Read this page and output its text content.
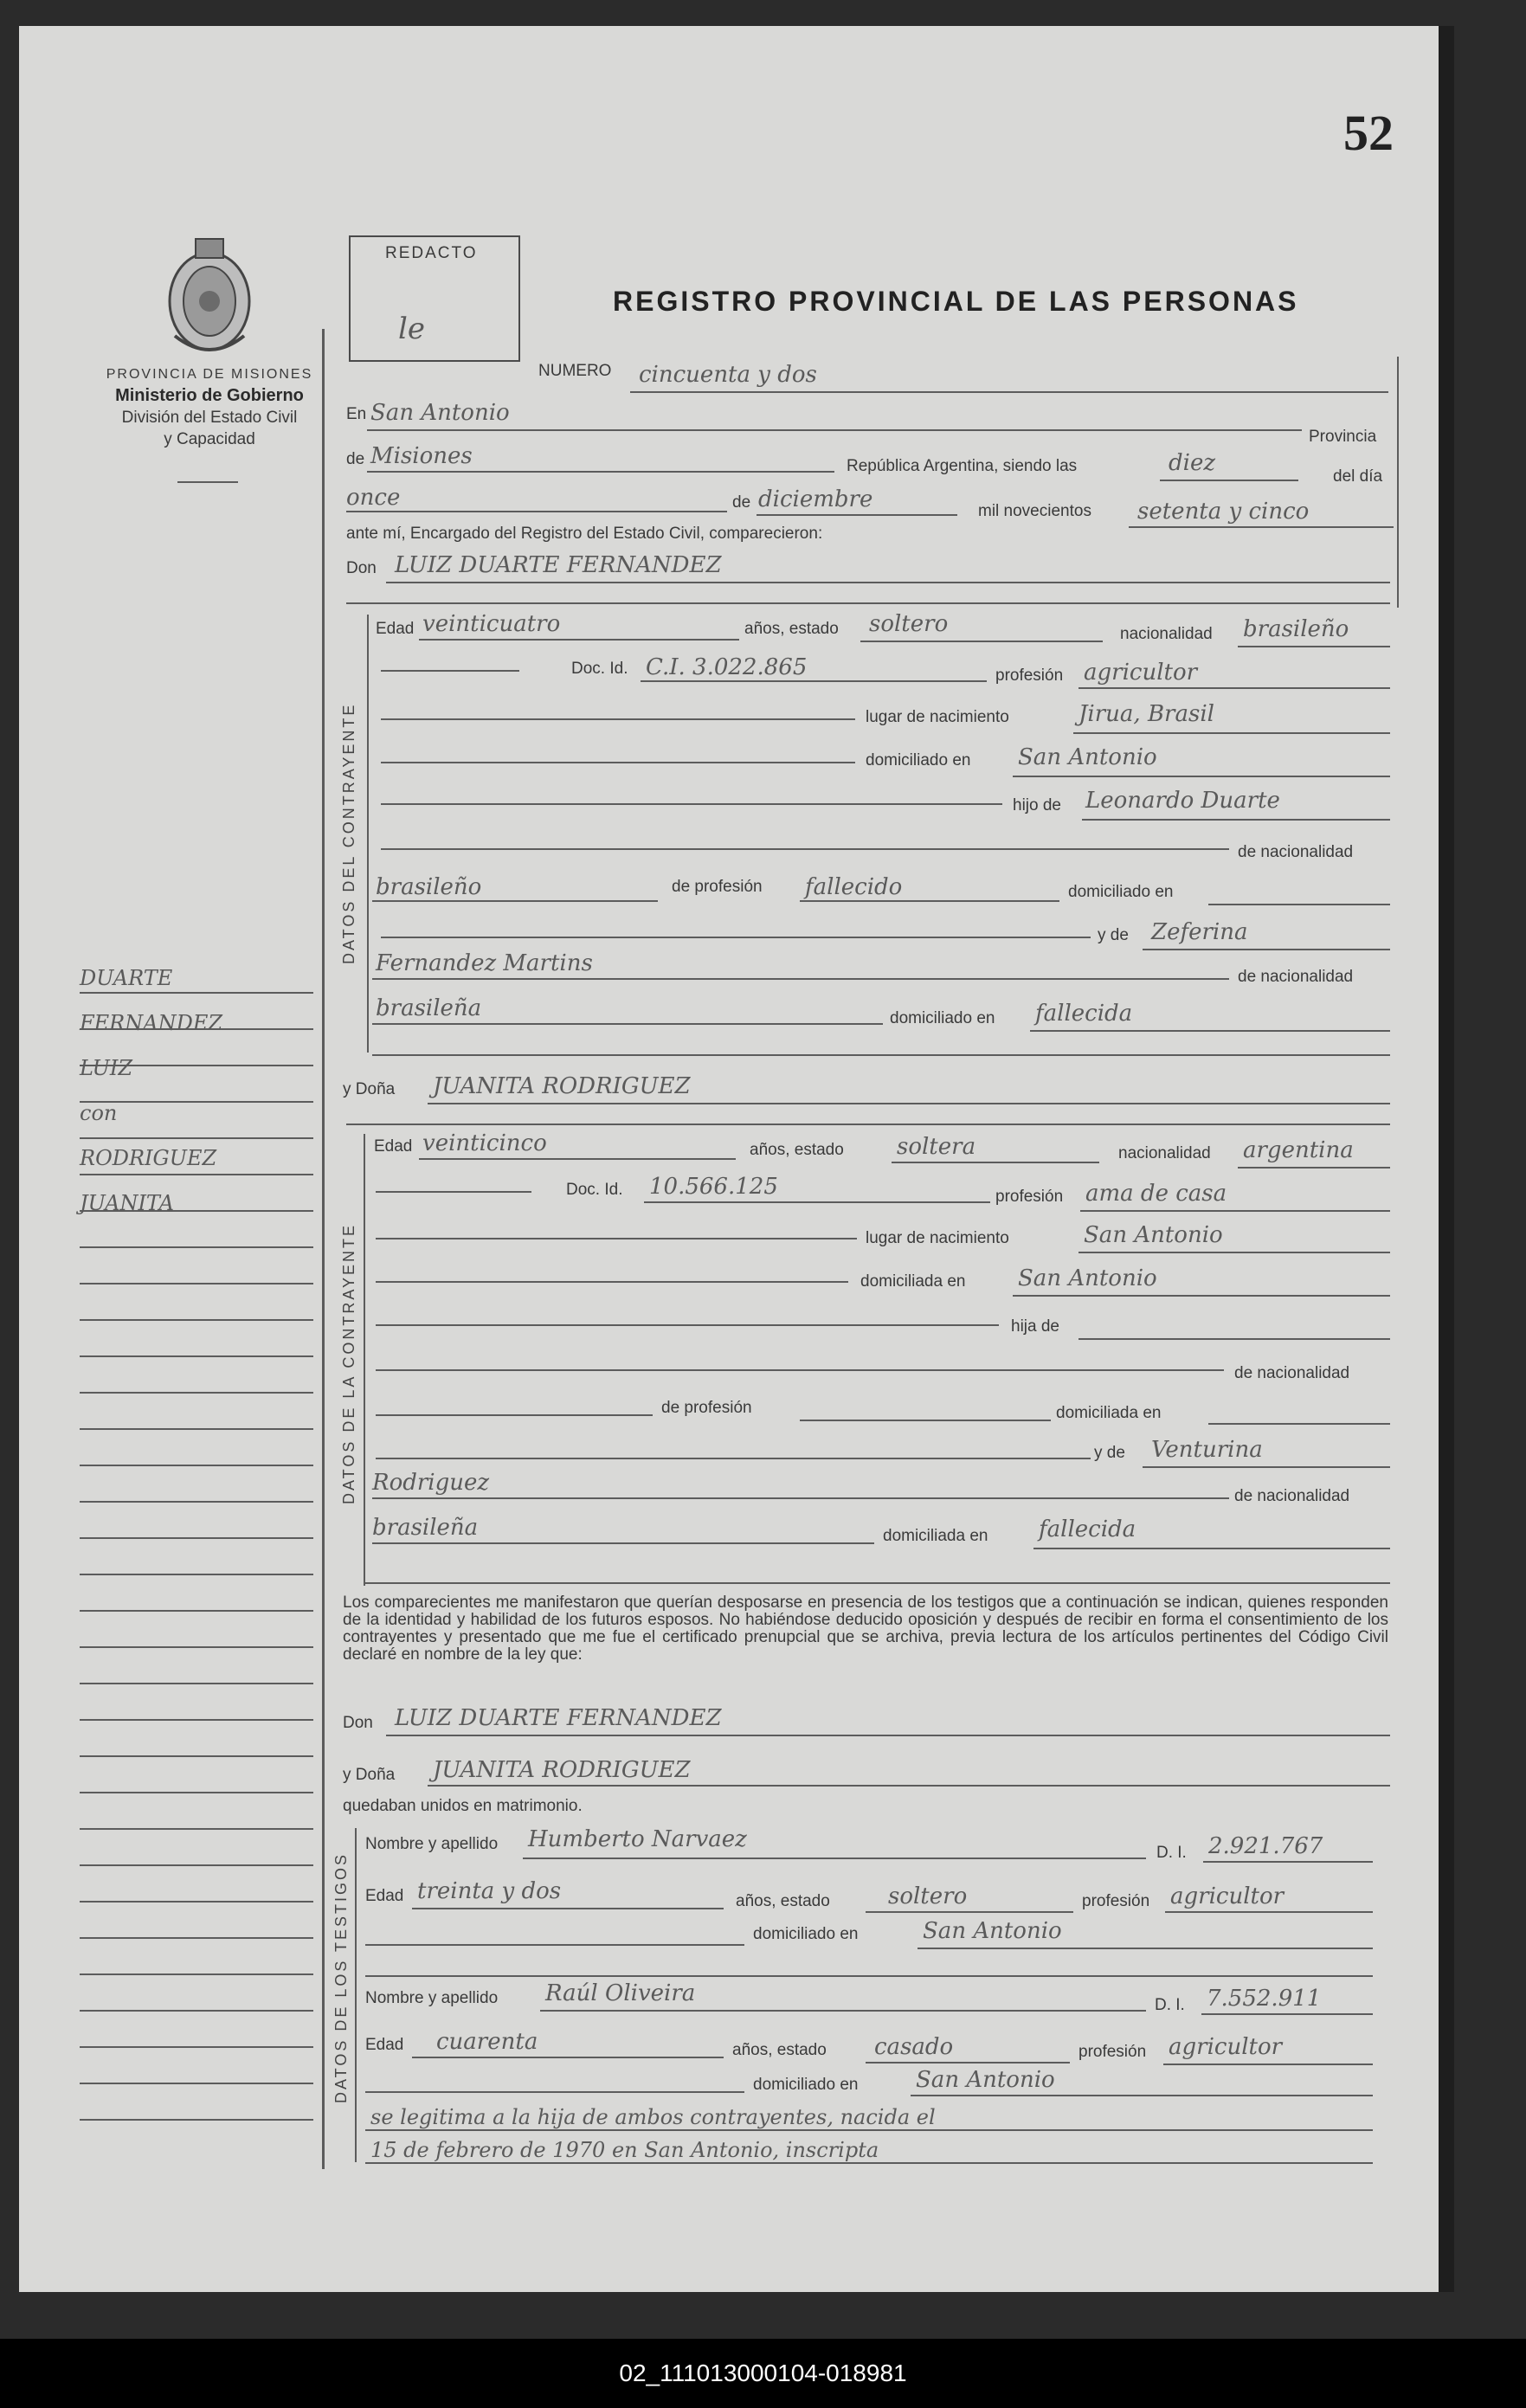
52
PROVINCIA DE MISIONES
Ministerio de Gobierno
División del Estado Civil
y Capacidad
DUARTE
FERNANDEZ
LUIZ
con
RODRIGUEZ
JUANITA
REDACTO
le
REGISTRO PROVINCIAL DE LAS PERSONAS
NUMERO cincuenta y dos
En San Antonio
Provincia
de Misiones	República Argentina, siendo las	diez
del día
once	de diciembre	mil novecientos setenta y cinco
ante mí, Encargado del Registro del Estado Civil, comparecieron:
Don LUIZ DUARTE FERNANDEZ
DATOS DEL CONTRAYENTE
Edad veinticuatro	años, estado soltero	nacionalidad brasileño
Doc. Id. C.I. 3.022.865	profesión agricultor
lugar de nacimiento	Jirua, Brasil
domiciliado en San Antonio
hijo de Leonardo Duarte
de nacionalidad
brasileño	de profesión fallecido	domiciliado en
y de Zeferina
Fernandez Martins
de nacionalidad
brasileña	domiciliado en fallecida
y Doña JUANITA RODRIGUEZ
DATOS DE LA CONTRAYENTE
Edad veinticinco	años, estado soltera	nacionalidad argentina
Doc. Id. 10.566.125	profesión ama de casa
lugar de nacimiento	San Antonio
domiciliada en San Antonio
hija de
de nacionalidad
de profesión	domiciliada en
y de Venturina
Rodriguez
de nacionalidad
brasileña	domiciliada en fallecida
Los comparecientes me manifestaron que querían desposarse en presencia de los testigos que a continuación se indican, quienes responden de la identidad y habilidad de los futuros esposos. No habiéndose deducido oposición y después de recibir en forma el consentimiento de los contrayentes y presentado que me fue el certificado prenupcial que se archiva, previa lectura de los artículos pertinentes del Código Civil declaré en nombre de la ley que:
Don LUIZ DUARTE FERNANDEZ
y Doña JUANITA RODRIGUEZ
quedaban unidos en matrimonio.
DATOS DE LOS TESTIGOS
Nombre y apellido Humberto Narvaez
D. I. 2.921.767
Edad treinta y dos	años, estado	soltero	profesión agricultor
domiciliado en	San Antonio
Nombre y apellido Raúl Oliveira	D. I. 7.552.911
Edad cuarenta	años, estado casado	profesión agricultor
domiciliado en	San Antonio
se legitima a la hija de ambos contrayentes, nacida el
15 de febrero de 1970 en San Antonio, inscripta
02_111013000104-018981
